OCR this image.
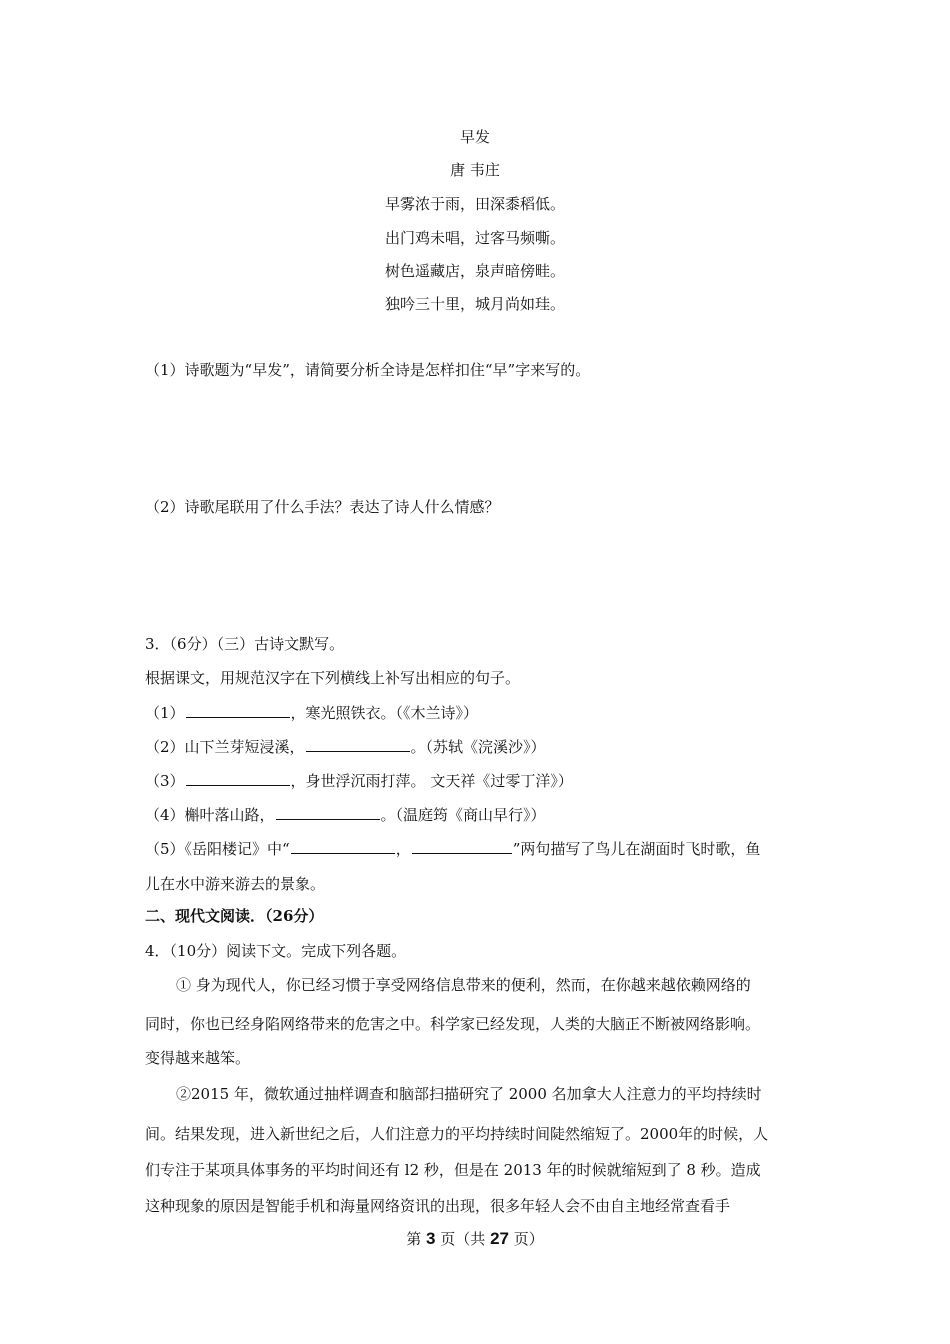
早发
唐 韦庄
早雾浓于雨，田深黍稻低。
出门鸡未唱，过客马频嘶。
树色遥藏店，泉声暗傍畦。
独吟三十里，城月尚如珪。
（1）诗歌题为“早发”，请简要分析全诗是怎样扣住“早”字来写的。
（2）诗歌尾联用了什么手法？表达了诗人什么情感？
3．（6分）（三）古诗文默写。
根据课文，用规范汉字在下列横线上补写出相应的句子。
（1）	，寒光照铁衣。（《木兰诗》）
（2）山下兰芽短浸溪，	。（苏轼《浣溪沙》）
（3）	，身世浮沉雨打萍。 文天祥《过零丁洋》）
（4）槲叶落山路，	。（温庭筠《商山早行》）
（5）《岳阳楼记》中“	，	”两句描写了鸟儿在湖面时飞时歌，鱼
儿在水中游来游去的景象。
二、现代文阅读．（26分）
4．（10分）阅读下文。完成下列各题。
① 身为现代人，你已经习惯于享受网络信息带来的便利，然而，在你越来越依赖网络的
同时，你也已经身陷网络带来的危害之中。科学家已经发现，人类的大脑正不断被网络影响。
变得越来越笨。
②2015 年，微软通过抽样调查和脑部扫描研究了 2000 名加拿大人注意力的平均持续时
间。结果发现，进入新世纪之后，人们注意力的平均持续时间陡然缩短了。2000年的时候，人
们专注于某项具体事务的平均时间还有 l2 秒，但是在 2013 年的时候就缩短到了 8 秒。造成
这种现象的原因是智能手机和海量网络资讯的出现，很多年轻人会不由自主地经常查看手
第 3 页（共 27 页）
